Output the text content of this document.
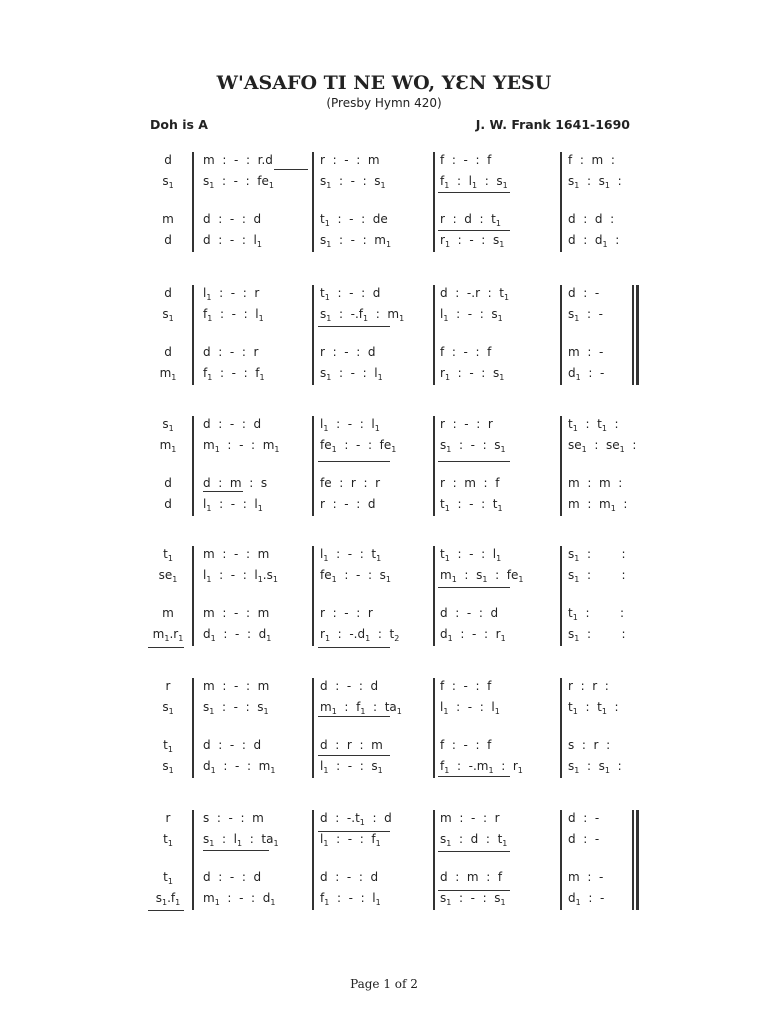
W'ASAFO TI NE WO, YƐN YESU
(Presby Hymn 420)
Doh is A	J. W. Frank 1641-1690
d
$s_1$
m
d
m  :  -  :  r.d
$s_1$  :  -  :  $fe_1$
d  :  -  :  d
d  :  -  :  $l_1$
r  :  -  :  m
$s_1$  :  -  :  $s_1$
$t_1$  :  -  :  de
$s_1$  :  -  :  $m_1$
f  :  -  :  f
$f_1$  :  $l_1$  :  $s_1$
r  :  d  :  $t_1$
$r_1$  :  -  :  $s_1$
f  :  m  :
$s_1$  :  $s_1$  :
d  :  d  :
d  :  $d_1$  :
d
$s_1$
d
$m_1$
$l_1$  :  -  :  r
$f_1$  :  -  :  $l_1$
d  :  -  :  r
$f_1$  :  -  :  $f_1$
$t_1$  :  -  :  d
$s_1$  :  $-.f_1$  :  $m_1$
r  :  -  :  d
$s_1$  :  -  :  $l_1$
d  :  -.r  :  $t_1$
$l_1$  :  -  :  $s_1$
f  :  -  :  f
$r_1$  :  -  :  $s_1$
d  :  -
$s_1$  :  -
m  :  -
$d_1$  :  -
$s_1$
$m_1$
d
d
d  :  -  :  d
$m_1$  :  -  :  $m_1$
d  :  m  :  s
$l_1$  :  -  :  $l_1$
$l_1$  :  -  :  $l_1$
$fe_1$  :  -  :  $fe_1$
fe  :  r  :  r
r  :  -  :  d
r  :  -  :  r
$s_1$  :  -  :  $s_1$
r  :  m  :  f
$t_1$  :  -  :  $t_1$
$t_1$  :  $t_1$  :
$se_1$  :  $se_1$  :
m  :  m  :
m  :  $m_1$  :
$t_1$
$se_1$
m
$m_1.r_1$
m  :  -  :  m
$l_1$  :  -  :  $l_1.s_1$
m  :  -  :  m
$d_1$  :  -  :  $d_1$
$l_1$  :  -  :  $t_1$
$fe_1$  :  -  :  $s_1$
r  :  -  :  r
$r_1$  :  $-.d_1$  :  $t_2$
$t_1$  :  -  :  $l_1$
$m_1$  :  $s_1$  :  $fe_1$
d  :  -  :  d
$d_1$  :  -  :  $r_1$
$s_1$  :        :
$s_1$  :        :
$t_1$  :        :
$s_1$  :        :
r
$s_1$
$t_1$
$s_1$
m  :  -  :  m
$s_1$  :  -  :  $s_1$
d  :  -  :  d
$d_1$  :  -  :  $m_1$
d  :  -  :  d
$m_1$  :  $f_1$  :  $ta_1$
d  :  r  :  m
$l_1$  :  -  :  $s_1$
f  :  -  :  f
$l_1$  :  -  :  $l_1$
f  :  -  :  f
$f_1$  :  $-.m_1$  :  $r_1$
r  :  r  :
$t_1$  :  $t_1$  :
s  :  r  :
$s_1$  :  $s_1$  :
r
$t_1$
$t_1$
$s_1.f_1$
s  :  -  :  m
$s_1$  :  $l_1$  :  $ta_1$
d  :  -  :  d
$m_1$  :  -  :  $d_1$
d  :  $-.t_1$  :  d
$l_1$  :  -  :  $f_1$
d  :  -  :  d
$f_1$  :  -  :  $l_1$
m  :  -  :  r
$s_1$  :  d  :  $t_1$
d  :  m  :  f
$s_1$  :  -  :  $s_1$
d  :  -
d  :  -
m  :  -
$d_1$  :  -
Page 1 of 2
